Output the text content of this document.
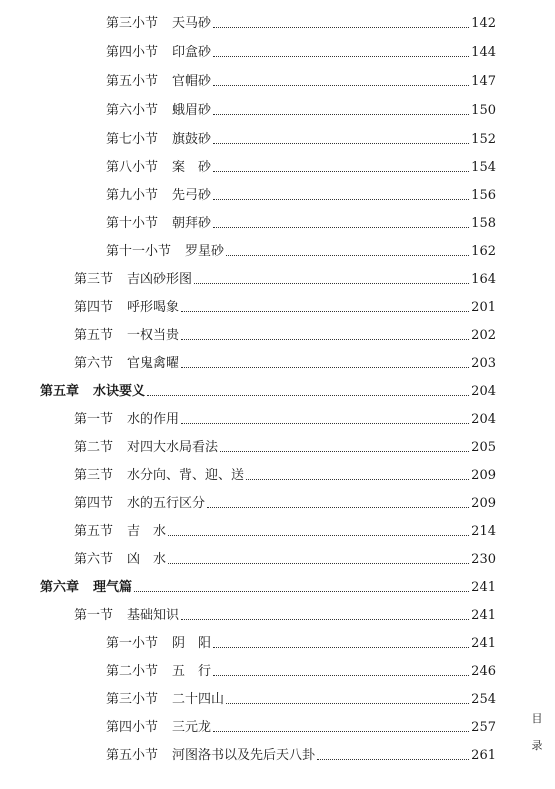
第三小节 天马砂	142
第四小节 印盒砂	144
第五小节 官帽砂	147
第六小节 蛾眉砂	150
第七小节 旗鼓砂	152
第八小节 案　砂	154
第九小节 先弓砂	156
第十小节 朝拜砂	158
第十一小节 罗星砂	162
第三节 吉凶砂形图	164
第四节 呼形喝象	201
第五节 一权当贵	202
第六节 官鬼禽曜	203
第五章 水诀要义	204
第一节 水的作用	204
第二节 对四大水局看法	205
第三节 水分向、背、迎、送	209
第四节 水的五行区分	209
第五节 吉　水	214
第六节 凶　水	230
第六章 理气篇	241
第一节 基础知识	241
第一小节 阴　阳	241
第二小节 五　行	246
第三小节 二十四山	254
第四小节 三元龙	257
第五小节 河图洛书以及先后天八卦	261
目
录
